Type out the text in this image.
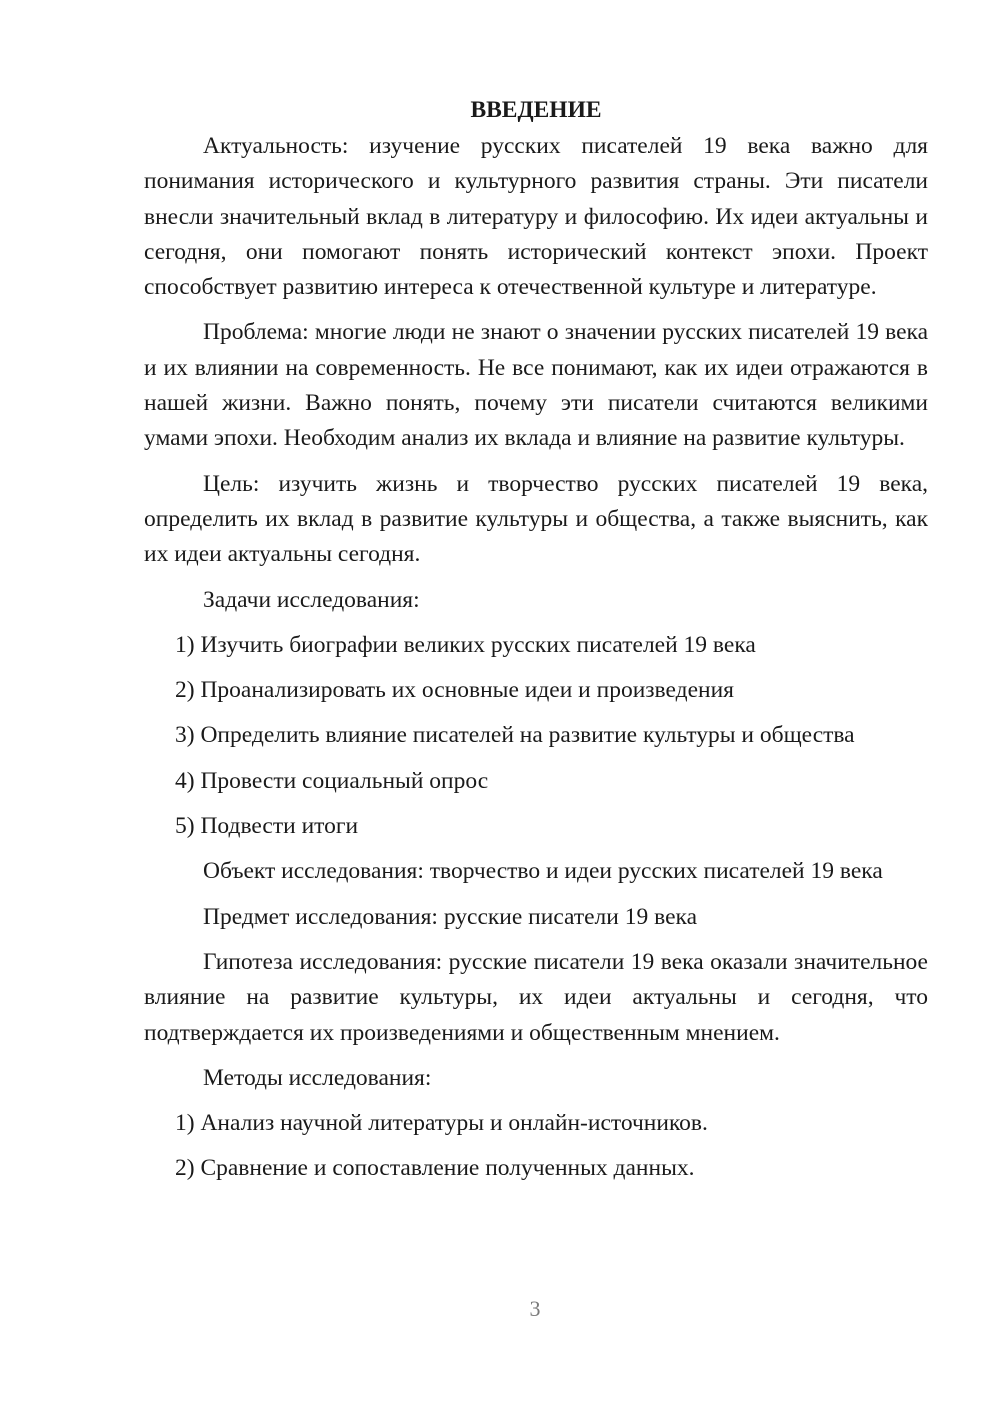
ВВЕДЕНИЕ

Актуальность: изучение русских писателей 19 века важно для понимания исторического и культурного развития страны. Эти писатели внесли значительный вклад в литературу и философию. Их идеи актуальны и сегодня, они помогают понять исторический контекст эпохи. Проект способствует развитию интереса к отечественной культуре и литературе.

Проблема: многие люди не знают о значении русских писателей 19 века и их влиянии на современность. Не все понимают, как их идеи отражаются в нашей жизни. Важно понять, почему эти писатели считаются великими умами эпохи. Необходим анализ их вклада и влияние на развитие культуры.

Цель: изучить жизнь и творчество русских писателей 19 века, определить их вклад в развитие культуры и общества, а также выяснить, как их идеи актуальны сегодня.

Задачи исследования:
1) Изучить биографии великих русских писателей 19 века
2) Проанализировать их основные идеи и произведения
3) Определить влияние писателей на развитие культуры и общества
4) Провести социальный опрос
5) Подвести итоги
Объект исследования: творчество и идеи русских писателей 19 века
Предмет исследования: русские писатели 19 века

Гипотеза исследования: русские писатели 19 века оказали значительное влияние на развитие культуры, их идеи актуальны и сегодня, что подтверждается их произведениями и общественным мнением.

Методы исследования:
1) Анализ научной литературы и онлайн-источников.
2) Сравнение и сопоставление полученных данных.
3
